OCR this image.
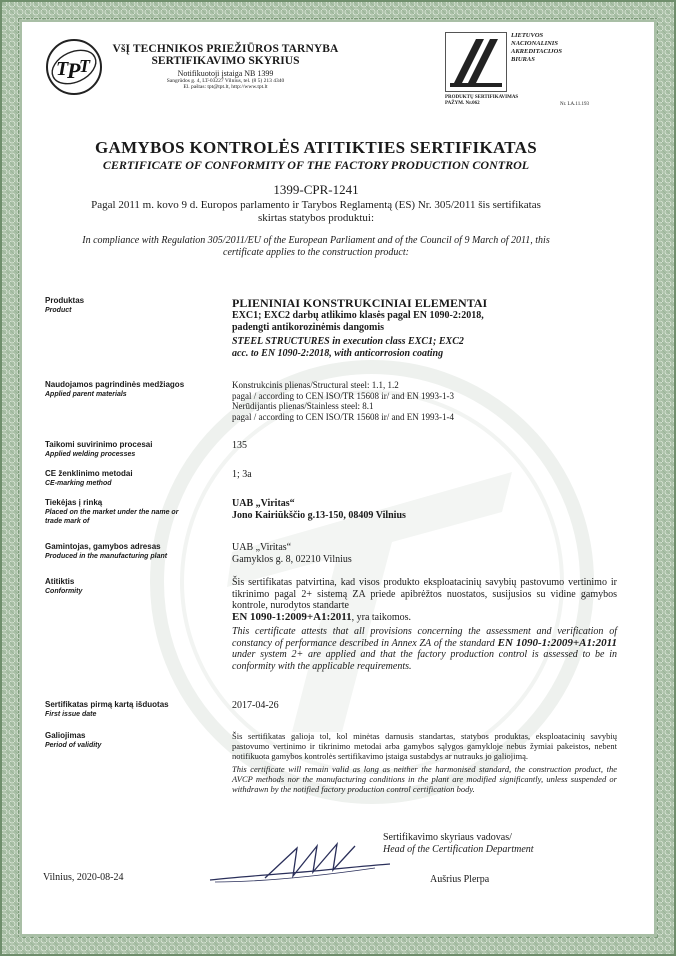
T
P
T
VšĮ TECHNIKOS PRIEŽIŪROS TARNYBA
SERTIFIKAVIMO SKYRIUS
Notifikuotoji įstaiga NB 1399
Sangrūdos g. 4, LT-03227 Vilnius, tel. (8 5) 213 4340
El. paštas: tpt@tpt.lt, http://www.tpt.lt
LIETUVOS
NACIONALINIS
AKREDITACIJOS
BIURAS
PRODUKTŲ SERTIFIKAVIMAS
PAŽYM. Nr.062	Nr. LA.11.193
GAMYBOS KONTROLĖS ATITIKTIES SERTIFIKATAS
CERTIFICATE OF CONFORMITY OF THE FACTORY PRODUCTION CONTROL
1399-CPR-1241
Pagal 2011 m. kovo 9 d. Europos parlamento ir Tarybos Reglamentą (ES) Nr. 305/2011 šis sertifikatas
skirtas statybos produktui:
In compliance with Regulation 305/2011/EU of the European Parliament and of the Council of 9 March of 2011, this
certificate applies to the construction product:
Produktas
Product
PLIENINIAI KONSTRUKCINIAI ELEMENTAI
EXC1; EXC2 darbų atlikimo klasės pagal EN 1090-2:2018,
padengti antikorozinėmis dangomis
STEEL STRUCTURES in execution class EXC1; EXC2
acc. to EN 1090-2:2018, with anticorrosion coating
Naudojamos pagrindinės medžiagos
Applied parent materials
Konstrukcinis plienas/Structural steel: 1.1, 1.2
pagal / according to CEN ISO/TR 15608 ir/ and EN 1993-1-3
Nerūdijantis plienas/Stainless steel: 8.1
pagal / according to CEN ISO/TR 15608 ir/ and EN 1993-1-4
Taikomi suvirinimo procesai
Applied welding processes
135
CE ženklinimo metodai
CE-marking method
1; 3a
Tiekėjas į rinką
Placed on the market under the name or trade mark of
UAB „Viritas“
Jono Kairiūkščio g.13-150, 08409 Vilnius
Gamintojas, gamybos adresas
Produced in the manufacturing plant
UAB „Viritas“
Gamyklos g. 8, 02210 Vilnius
Atitiktis
Conformity
Šis sertifikatas patvirtina, kad visos produkto eksploatacinių savybių pastovumo vertinimo ir tikrinimo pagal 2+ sistemą ZA priede apibrėžtos nuostatos, susijusios su vidine gamybos kontrole, nurodytos standarte
EN 1090-1:2009+A1:2011, yra taikomos.
This certificate attests that all provisions concerning the assessment and verification of constancy of performance described in Annex ZA of the standard EN 1090-1:2009+A1:2011 under system 2+ are applied and that the factory production control is assessed to be in conformity with the applicable requirements.
Sertifikatas pirmą kartą išduotas
First issue date
2017-04-26
Galiojimas
Period of validity
Šis sertifikatas galioja tol, kol minėtas darnusis standartas, statybos produktas, eksploatacinių savybių pastovumo vertinimo ir tikrinimo metodai arba gamybos sąlygos gamykloje nebus žymiai pakeistos, nebent notifikuota gamybos kontrolės sertifikavimo įstaiga sustabdys ar nutrauks jo galiojimą.
This certificate will remain valid as long as neither the harmonised standard, the construction product, the AVCP methods nor the manufacturing conditions in the plant are modified significantly, unless suspended or withdrawn by the notified factory production control certification body.
Sertifikavimo skyriaus vadovas/
Head of the Certification Department
Vilnius, 2020-08-24	Aušrius Plerpa
